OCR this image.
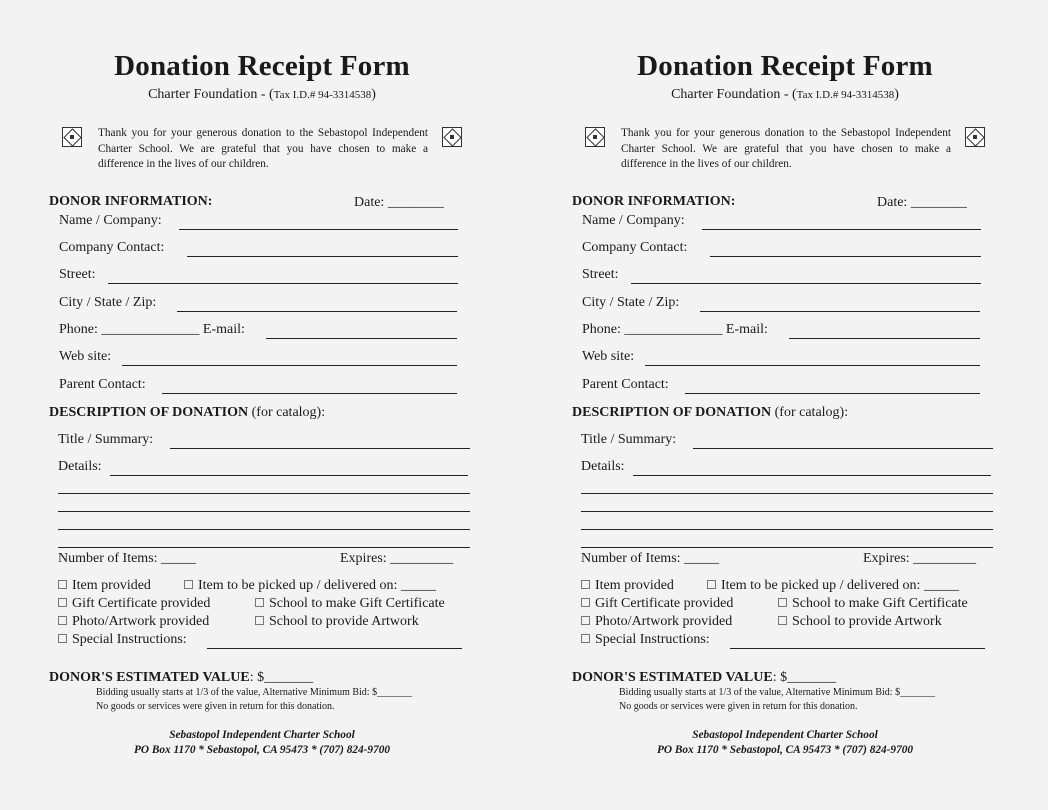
Donation Receipt Form
Charter Foundation - (Tax I.D.# 94-3314538)
Thank you for your generous donation to the Sebastopol Independent Charter School. We are grateful that you have chosen to make a difference in the lives of our children.
DONOR INFORMATION:	Date: ________
Name / Company:
Company Contact:
Street:
City / State / Zip:
Phone: ______________ E-mail:
Web site:
Parent Contact:
DESCRIPTION OF DONATION (for catalog):
Title / Summary:
Details:
Number of Items: _____	Expires: _________
Item provided	Item to be picked up / delivered on: _____
Gift Certificate provided	School to make Gift Certificate
Photo/Artwork provided	School to provide Artwork
Special Instructions:
DONOR'S ESTIMATED VALUE: $_______
Bidding usually starts at 1/3 of the value, Alternative Minimum Bid: $_______
No goods or services were given in return for this donation.
Sebastopol Independent Charter School
PO Box 1170 * Sebastopol, CA 95473 * (707) 824-9700
Donation Receipt Form
Charter Foundation - (Tax I.D.# 94-3314538)
Thank you for your generous donation to the Sebastopol Independent Charter School. We are grateful that you have chosen to make a difference in the lives of our children.
DONOR INFORMATION:	Date: ________
Name / Company:
Company Contact:
Street:
City / State / Zip:
Phone: ______________ E-mail:
Web site:
Parent Contact:
DESCRIPTION OF DONATION (for catalog):
Title / Summary:
Details:
Number of Items: _____	Expires: _________
Item provided	Item to be picked up / delivered on: _____
Gift Certificate provided	School to make Gift Certificate
Photo/Artwork provided	School to provide Artwork
Special Instructions:
DONOR'S ESTIMATED VALUE: $_______
Bidding usually starts at 1/3 of the value, Alternative Minimum Bid: $_______
No goods or services were given in return for this donation.
Sebastopol Independent Charter School
PO Box 1170 * Sebastopol, CA 95473 * (707) 824-9700
